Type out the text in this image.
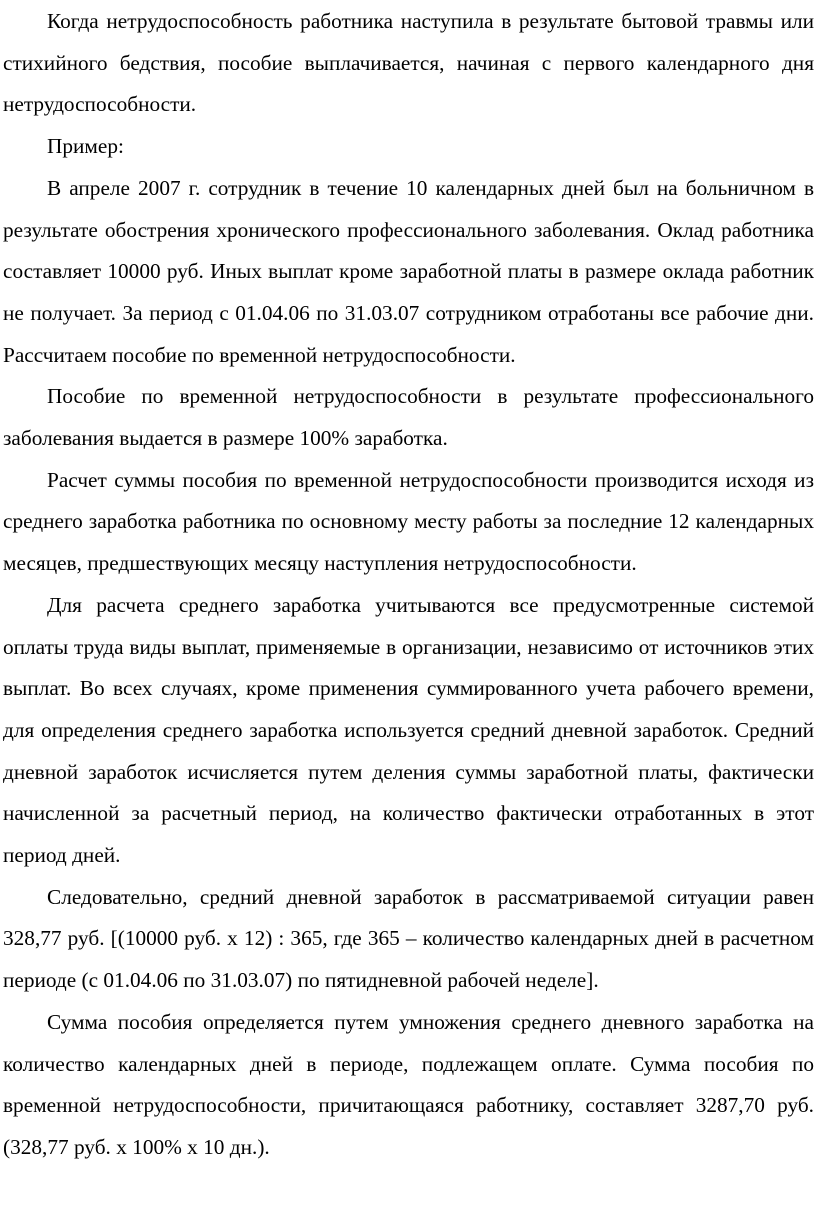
Когда нетрудоспособность работника наступила в результате бытовой травмы или стихийного бедствия, пособие выплачивается, начиная с первого календарного дня нетрудоспособности.

Пример:

В апреле 2007 г. сотрудник в течение 10 календарных дней был на больничном в результате обострения хронического профессионального заболевания. Оклад работника составляет 10000 руб. Иных выплат кроме заработной платы в размере оклада работник не получает. За период с 01.04.06 по 31.03.07 сотрудником отработаны все рабочие дни. Рассчитаем пособие по временной нетрудоспособности.

Пособие по временной нетрудоспособности в результате профессионального заболевания выдается в размере 100% заработка.

Расчет суммы пособия по временной нетрудоспособности производится исходя из среднего заработка работника по основному месту работы за последние 12 календарных месяцев, предшествующих месяцу наступления нетрудоспособности.

Для расчета среднего заработка учитываются все предусмотренные системой оплаты труда виды выплат, применяемые в организации, независимо от источников этих выплат. Во всех случаях, кроме применения суммированного учета рабочего времени, для определения среднего заработка используется средний дневной заработок. Средний дневной заработок исчисляется путем деления суммы заработной платы, фактически начисленной за расчетный период, на количество фактически отработанных в этот период дней.

Следовательно, средний дневной заработок в рассматриваемой ситуации равен 328,77 руб. [(10000 руб. x 12) : 365, где 365 – количество календарных дней в расчетном периоде (с 01.04.06 по 31.03.07) по пятидневной рабочей неделе].

Сумма пособия определяется путем умножения среднего дневного заработка на количество календарных дней в периоде, подлежащем оплате. Сумма пособия по временной нетрудоспособности, причитающаяся работнику, составляет 3287,70 руб. (328,77 руб. x 100% x 10 дн.).
